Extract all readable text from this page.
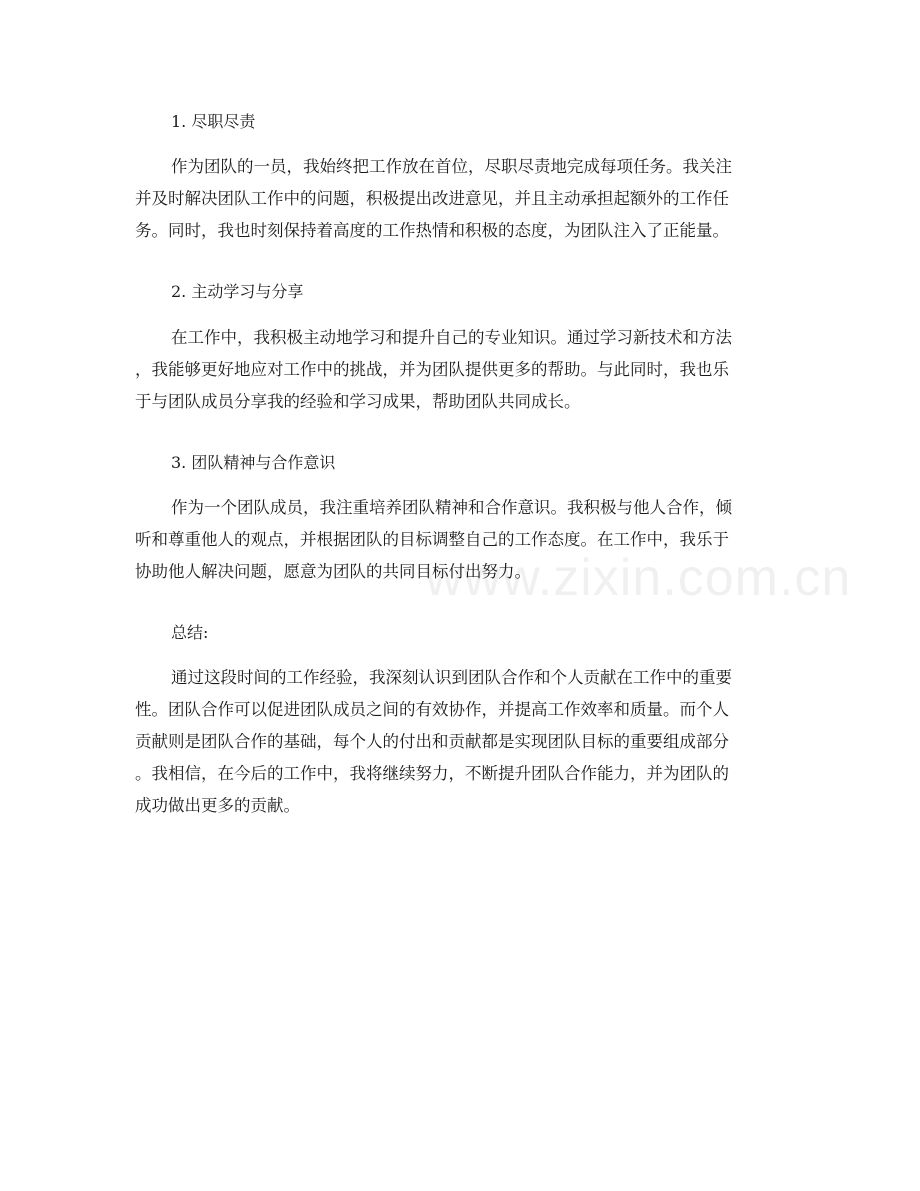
1. 尽职尽责

作为团队的一员，我始终把工作放在首位，尽职尽责地完成每项任务。我关注
并及时解决团队工作中的问题，积极提出改进意见，并且主动承担起额外的工作任
务。同时，我也时刻保持着高度的工作热情和积极的态度，为团队注入了正能量。

2. 主动学习与分享

在工作中，我积极主动地学习和提升自己的专业知识。通过学习新技术和方法
，我能够更好地应对工作中的挑战，并为团队提供更多的帮助。与此同时，我也乐
于与团队成员分享我的经验和学习成果，帮助团队共同成长。

3. 团队精神与合作意识

作为一个团队成员，我注重培养团队精神和合作意识。我积极与他人合作，倾
听和尊重他人的观点，并根据团队的目标调整自己的工作态度。在工作中，我乐于
协助他人解决问题，愿意为团队的共同目标付出努力。

总结:

通过这段时间的工作经验，我深刻认识到团队合作和个人贡献在工作中的重要
性。团队合作可以促进团队成员之间的有效协作，并提高工作效率和质量。而个人
贡献则是团队合作的基础，每个人的付出和贡献都是实现团队目标的重要组成部分
。我相信，在今后的工作中，我将继续努力，不断提升团队合作能力，并为团队的
成功做出更多的贡献。
www.zixin.com.cn
